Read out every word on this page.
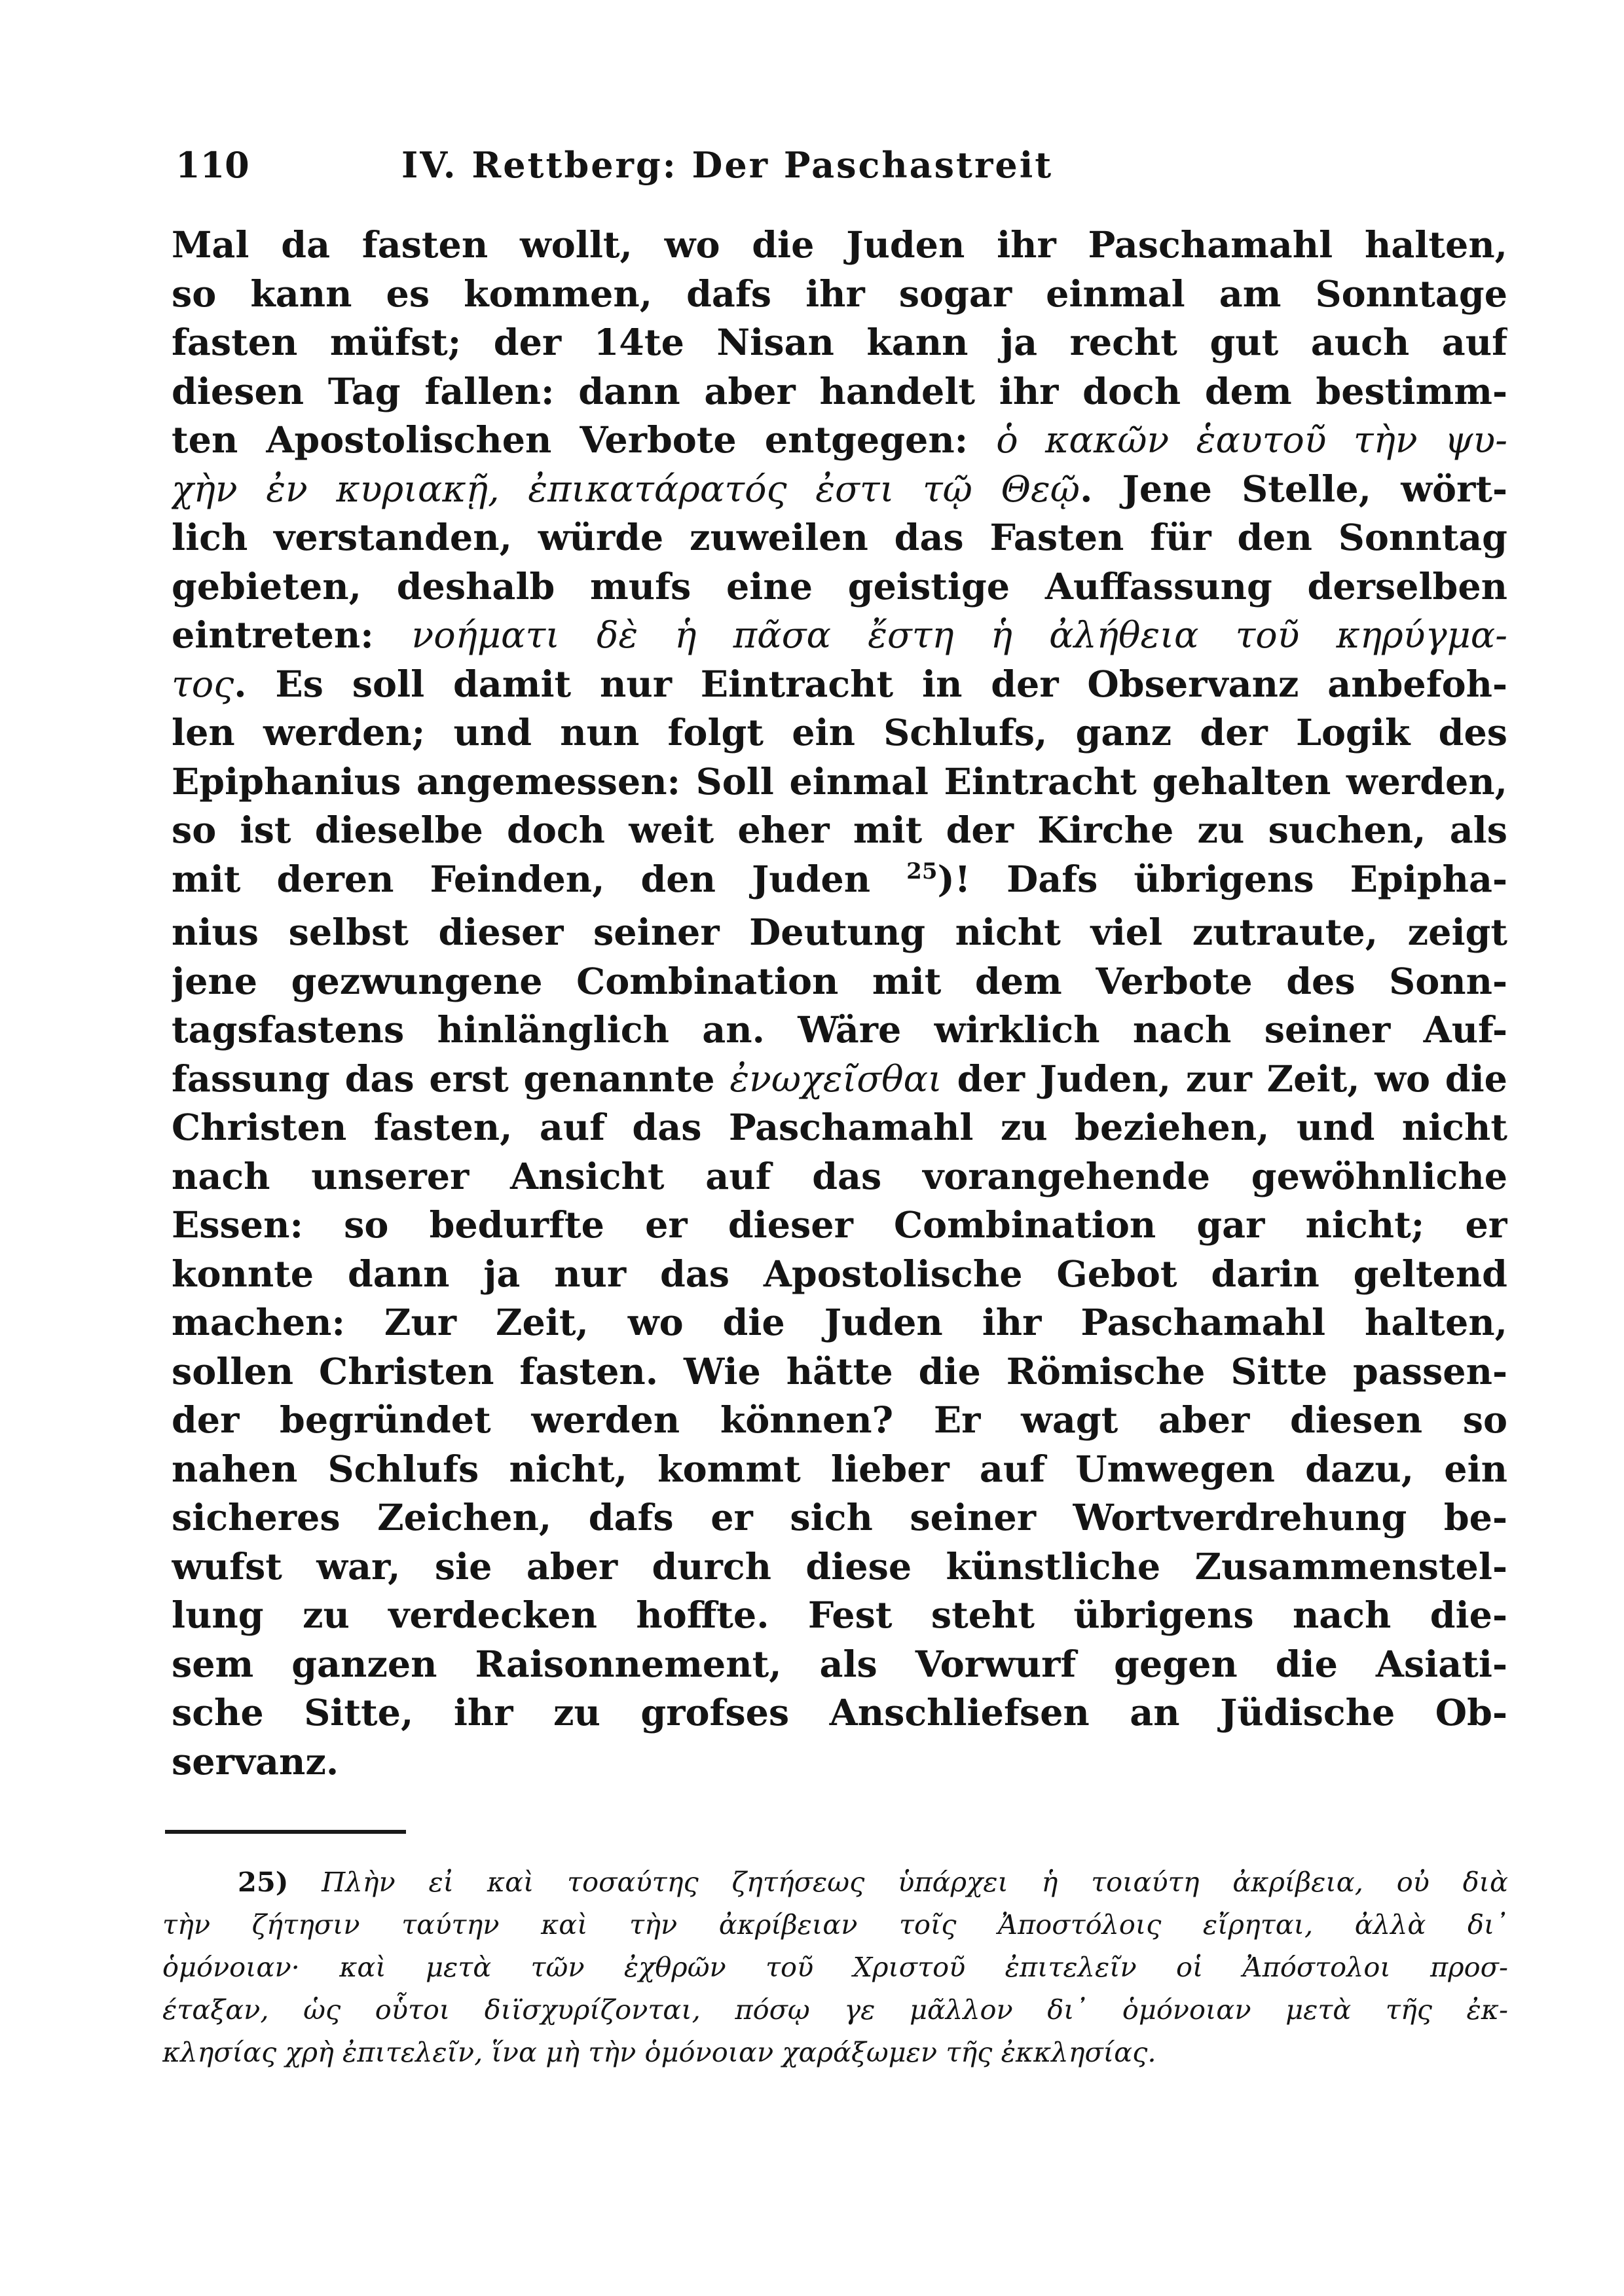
110	IV. Rettberg: Der Paschastreit
Mal da fasten wollt, wo die Juden ihr Paschamahl halten,
so kann es kommen, dafs ihr sogar einmal am Sonntage
fasten müfst; der 14te Nisan kann ja recht gut auch auf
diesen Tag fallen: dann aber handelt ihr doch dem bestimm-
ten Apostolischen Verbote entgegen: ὁ κακῶν ἑαυτοῦ τὴν ψυ-
χὴν ἐν κυριακῇ, ἐπικατάρατός ἐστι τῷ Θεῷ. Jene Stelle, wört-
lich verstanden, würde zuweilen das Fasten für den Sonntag
gebieten, deshalb mufs eine geistige Auffassung derselben
eintreten: νοήματι δὲ ἡ πᾶσα ἔστη ἡ ἀλήθεια τοῦ κηρύγμα-
τος. Es soll damit nur Eintracht in der Observanz anbefoh-
len werden; und nun folgt ein Schlufs, ganz der Logik des
Epiphanius angemessen: Soll einmal Eintracht gehalten werden,
so ist dieselbe doch weit eher mit der Kirche zu suchen, als
mit deren Feinden, den Juden $^{25}$)! Dafs übrigens Epipha-
nius selbst dieser seiner Deutung nicht viel zutraute, zeigt
jene gezwungene Combination mit dem Verbote des Sonn-
tagsfastens hinlänglich an. Wäre wirklich nach seiner Auf-
fassung das erst genannte ἐνωχεῖσθαι der Juden, zur Zeit, wo die
Christen fasten, auf das Paschamahl zu beziehen, und nicht
nach unserer Ansicht auf das vorangehende gewöhnliche
Essen: so bedurfte er dieser Combination gar nicht; er
konnte dann ja nur das Apostolische Gebot darin geltend
machen: Zur Zeit, wo die Juden ihr Paschamahl halten,
sollen Christen fasten. Wie hätte die Römische Sitte passen-
der begründet werden können? Er wagt aber diesen so
nahen Schlufs nicht, kommt lieber auf Umwegen dazu, ein
sicheres Zeichen, dafs er sich seiner Wortverdrehung be-
wufst war, sie aber durch diese künstliche Zusammenstel-
lung zu verdecken hoffte. Fest steht übrigens nach die-
sem ganzen Raisonnement, als Vorwurf gegen die Asiati-
sche Sitte, ihr zu grofses Anschliefsen an Jüdische Ob-
servanz.
25) Πλὴν εἰ καὶ τοσαύτης ζητήσεως ὑπάρχει ἡ τοιαύτη ἀκρίβεια, οὐ διὰ
τὴν ζήτησιν ταύτην καὶ τὴν ἀκρίβειαν τοῖς Ἀποστόλοις εἴρηται, ἀλλὰ δι᾽
ὁμόνοιαν· καὶ μετὰ τῶν ἐχθρῶν τοῦ Χριστοῦ ἐπιτελεῖν οἱ Ἀπόστολοι προσ-
έταξαν, ὡς οὗτοι διϊσχυρίζονται, πόσῳ γε μᾶλλον δι᾽ ὁμόνοιαν μετὰ τῆς ἐκ-
κλησίας χρὴ ἐπιτελεῖν, ἵνα μὴ τὴν ὁμόνοιαν χαράξωμεν τῆς ἐκκλησίας.
